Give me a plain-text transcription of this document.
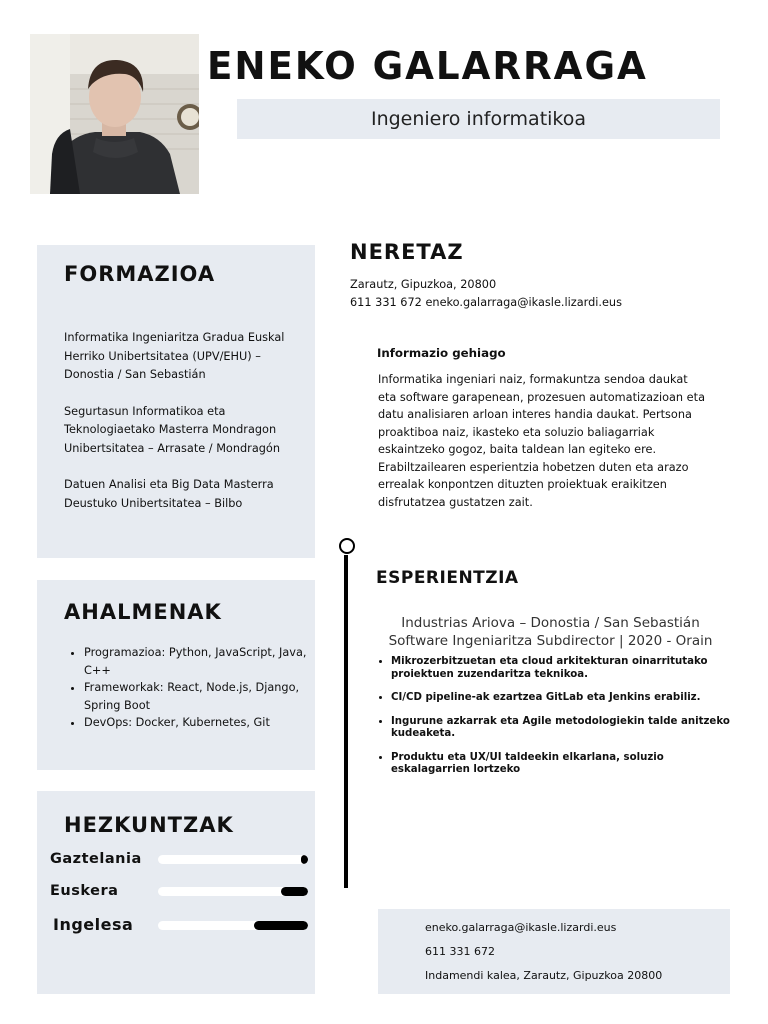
ENEKO GALARRAGA
Ingeniero informatikoa
FORMAZIOA
Informatika Ingeniaritza Gradua Euskal Herriko Unibertsitatea (UPV/EHU) – Donostia / San Sebastián
Segurtasun Informatikoa eta Teknologiaetako Masterra Mondragon Unibertsitatea – Arrasate / Mondragón
Datuen Analisi eta Big Data Masterra Deustuko Unibertsitatea – Bilbo
AHALMENAK
• Programazioa: Python, JavaScript, Java, C++
• Frameworkak: React, Node.js, Django, Spring Boot
• DevOps: Docker, Kubernetes, Git
HEZKUNTZAK
Gaztelania
Euskera
Ingelesa
NERETAZ
Zarautz, Gipuzkoa, 20800
611 331 672 eneko.galarraga@ikasle.lizardi.eus
Informazio gehiago
Informatika ingeniari naiz, formakuntza sendoa daukat eta software garapenean, prozesuen automatizazioan eta datu analisiaren arloan interes handia daukat. Pertsona proaktiboa naiz, ikasteko eta soluzio baliagarriak eskaintzeko gogoz, baita taldean lan egiteko ere. Erabiltzailearen esperientzia hobetzen duten eta arazo errealak konpontzen dituzten proiektuak eraikitzen disfrutatzea gustatzen zait.
ESPERIENTZIA
Industrias Ariova – Donostia / San Sebastián
Software Ingeniaritza Subdirector | 2020 - Orain
• Mikrozerbitzuetan eta cloud arkitekturan oinarritutako proiektuen zuzendaritza teknikoa.
• CI/CD pipeline-ak ezartzea GitLab eta Jenkins erabiliz.
• Ingurune azkarrak eta Agile metodologiekin talde anitzeko kudeaketa.
• Produktu eta UX/UI taldeekin elkarlana, soluzio eskalagarrien lortzeko
eneko.galarraga@ikasle.lizardi.eus
611 331 672
Indamendi kalea, Zarautz, Gipuzkoa 20800
